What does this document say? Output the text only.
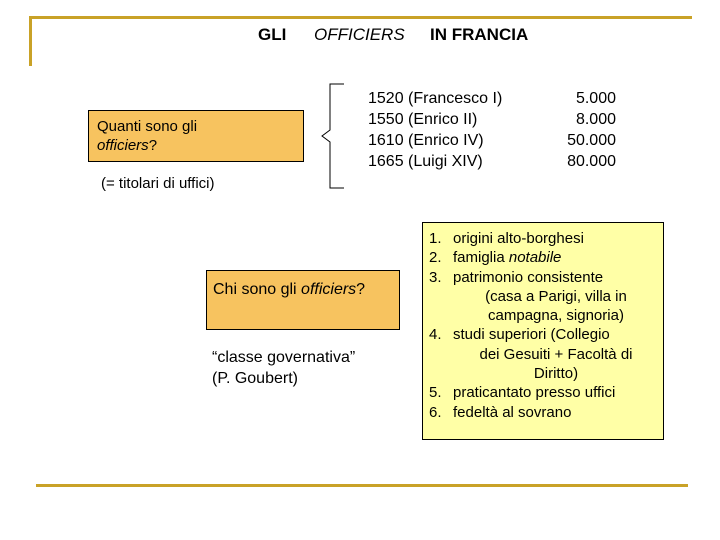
GLI OFFICIERS IN FRANCIA
Quanti sono gli
officiers?
(= titolari di uffici)
1520 (Francesco I)
1550 (Enrico II)
1610 (Enrico IV)
1665 (Luigi XIV)
5.000
8.000
50.000
80.000
Chi sono gli officiers?
“classe governativa”
(P. Goubert)
1. origini alto-borghesi
2. famiglia notabile
3. patrimonio consistente
(casa a Parigi, villa in
campagna, signoria)
4. studi superiori (Collegio
dei Gesuiti + Facoltà di
Diritto)
5. praticantato presso uffici
6. fedeltà al sovrano
